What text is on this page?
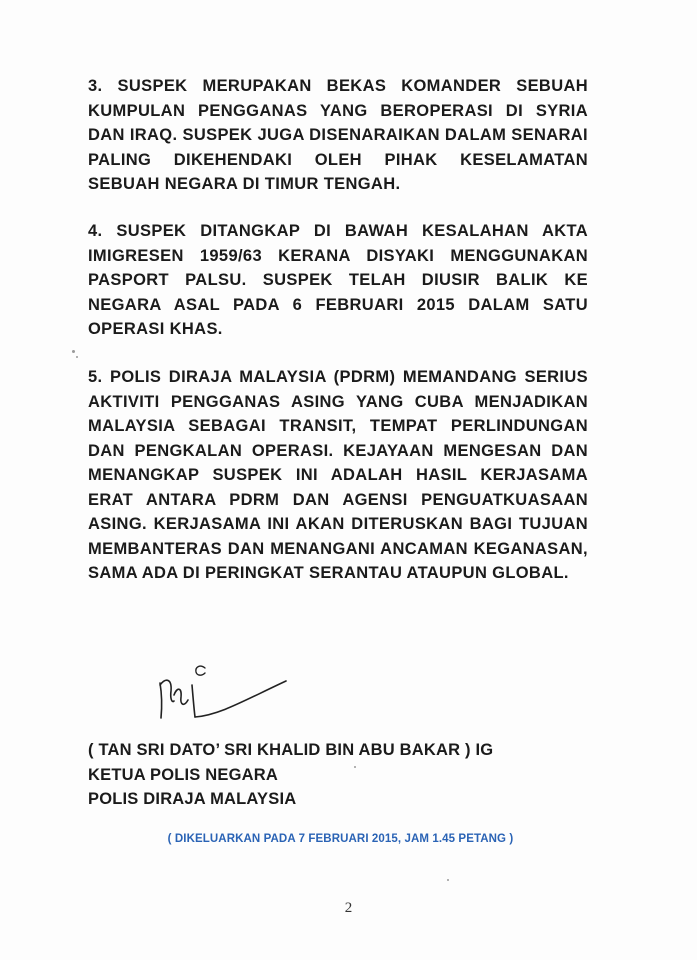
3. SUSPEK MERUPAKAN BEKAS KOMANDER SEBUAH KUMPULAN PENGGANAS YANG BEROPERASI DI SYRIA DAN IRAQ. SUSPEK JUGA DISENARAIKAN DALAM SENARAI PALING DIKEHENDAKI OLEH PIHAK KESELAMATAN SEBUAH NEGARA DI TIMUR TENGAH.

4. SUSPEK DITANGKAP DI BAWAH KESALAHAN AKTA IMIGRESEN 1959/63 KERANA DISYAKI MENGGUNAKAN PASPORT PALSU. SUSPEK TELAH DIUSIR BALIK KE NEGARA ASAL PADA 6 FEBRUARI 2015 DALAM SATU OPERASI KHAS.

5. POLIS DIRAJA MALAYSIA (PDRM) MEMANDANG SERIUS AKTIVITI PENGGANAS ASING YANG CUBA MENJADIKAN MALAYSIA SEBAGAI TRANSIT, TEMPAT PERLINDUNGAN DAN PENGKALAN OPERASI. KEJAYAAN MENGESAN DAN MENANGKAP SUSPEK INI ADALAH HASIL KERJASAMA ERAT ANTARA PDRM DAN AGENSI PENGUATKUASAAN ASING. KERJASAMA INI AKAN DITERUSKAN BAGI TUJUAN MEMBANTERAS DAN MENANGANI ANCAMAN KEGANASAN, SAMA ADA DI PERINGKAT SERANTAU ATAUPUN GLOBAL.

( TAN SRI DATO’ SRI KHALID BIN ABU BAKAR ) IG
KETUA POLIS NEGARA
POLIS DIRAJA MALAYSIA
( DIKELUARKAN PADA 7 FEBRUARI 2015, JAM 1.45 PETANG )
2
